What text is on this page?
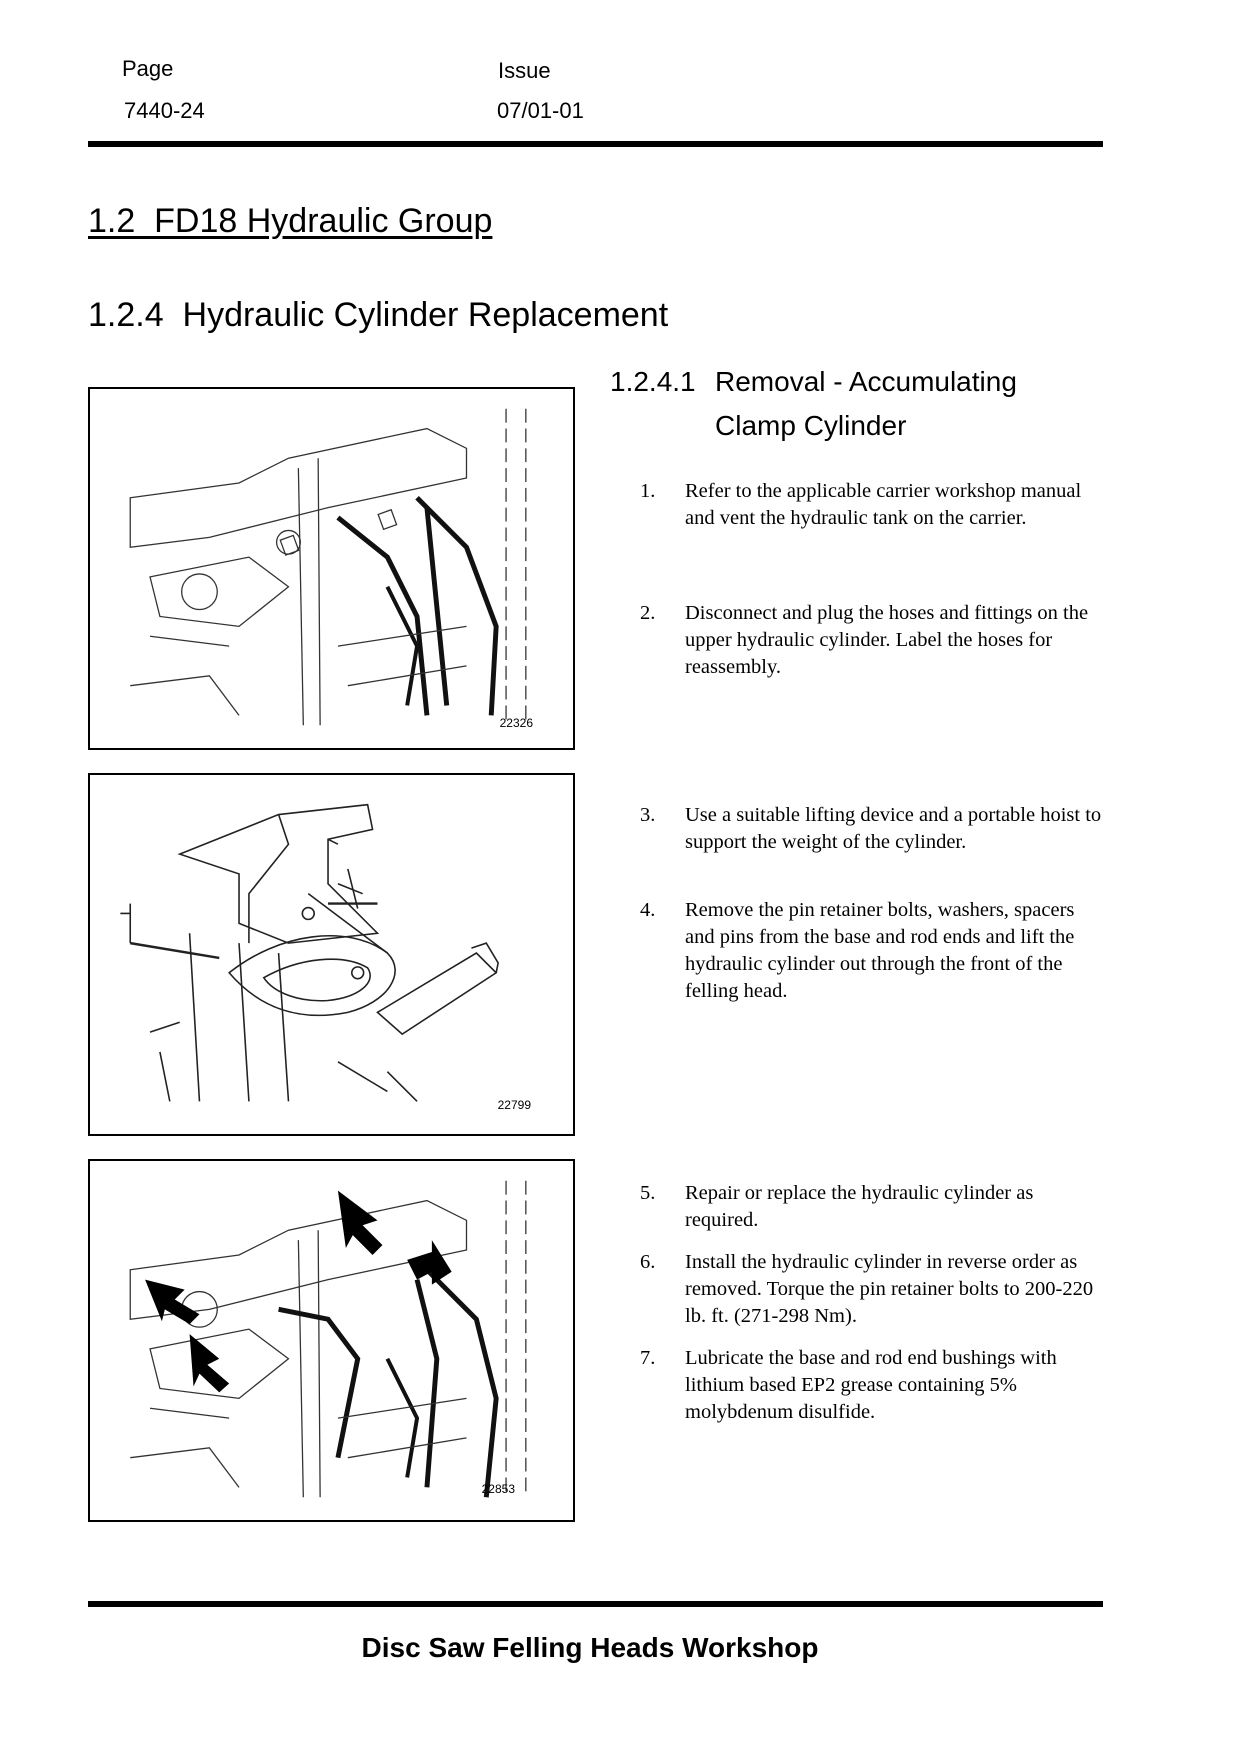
Page
7440-24
Issue
07/01-01
1.2  FD18 Hydraulic Group
1.2.4  Hydraulic Cylinder Replacement
1.2.4.1 Removal - Accumulating
Clamp Cylinder
22326
22799
22853
1.	Refer to the applicable carrier workshop manual and vent the hydraulic tank on the carrier.
2.	Disconnect and plug the hoses and fittings on the upper hydraulic cylinder. Label the hoses for reassembly.
3.	Use a suitable lifting device and a portable hoist to support the weight of the cylinder.
4.	Remove the pin retainer bolts, washers, spacers and pins from the base and rod ends and lift the hydraulic cylinder out through the front of the felling head.
5.	Repair or replace the hydraulic cylinder as required.
6.	Install the hydraulic cylinder in reverse order as removed. Torque the pin retainer bolts to 200-220 lb. ft. (271-298 Nm).
7.	Lubricate the base and rod end bushings with lithium based EP2 grease containing 5% molybdenum disulfide.
Disc Saw Felling Heads Workshop
